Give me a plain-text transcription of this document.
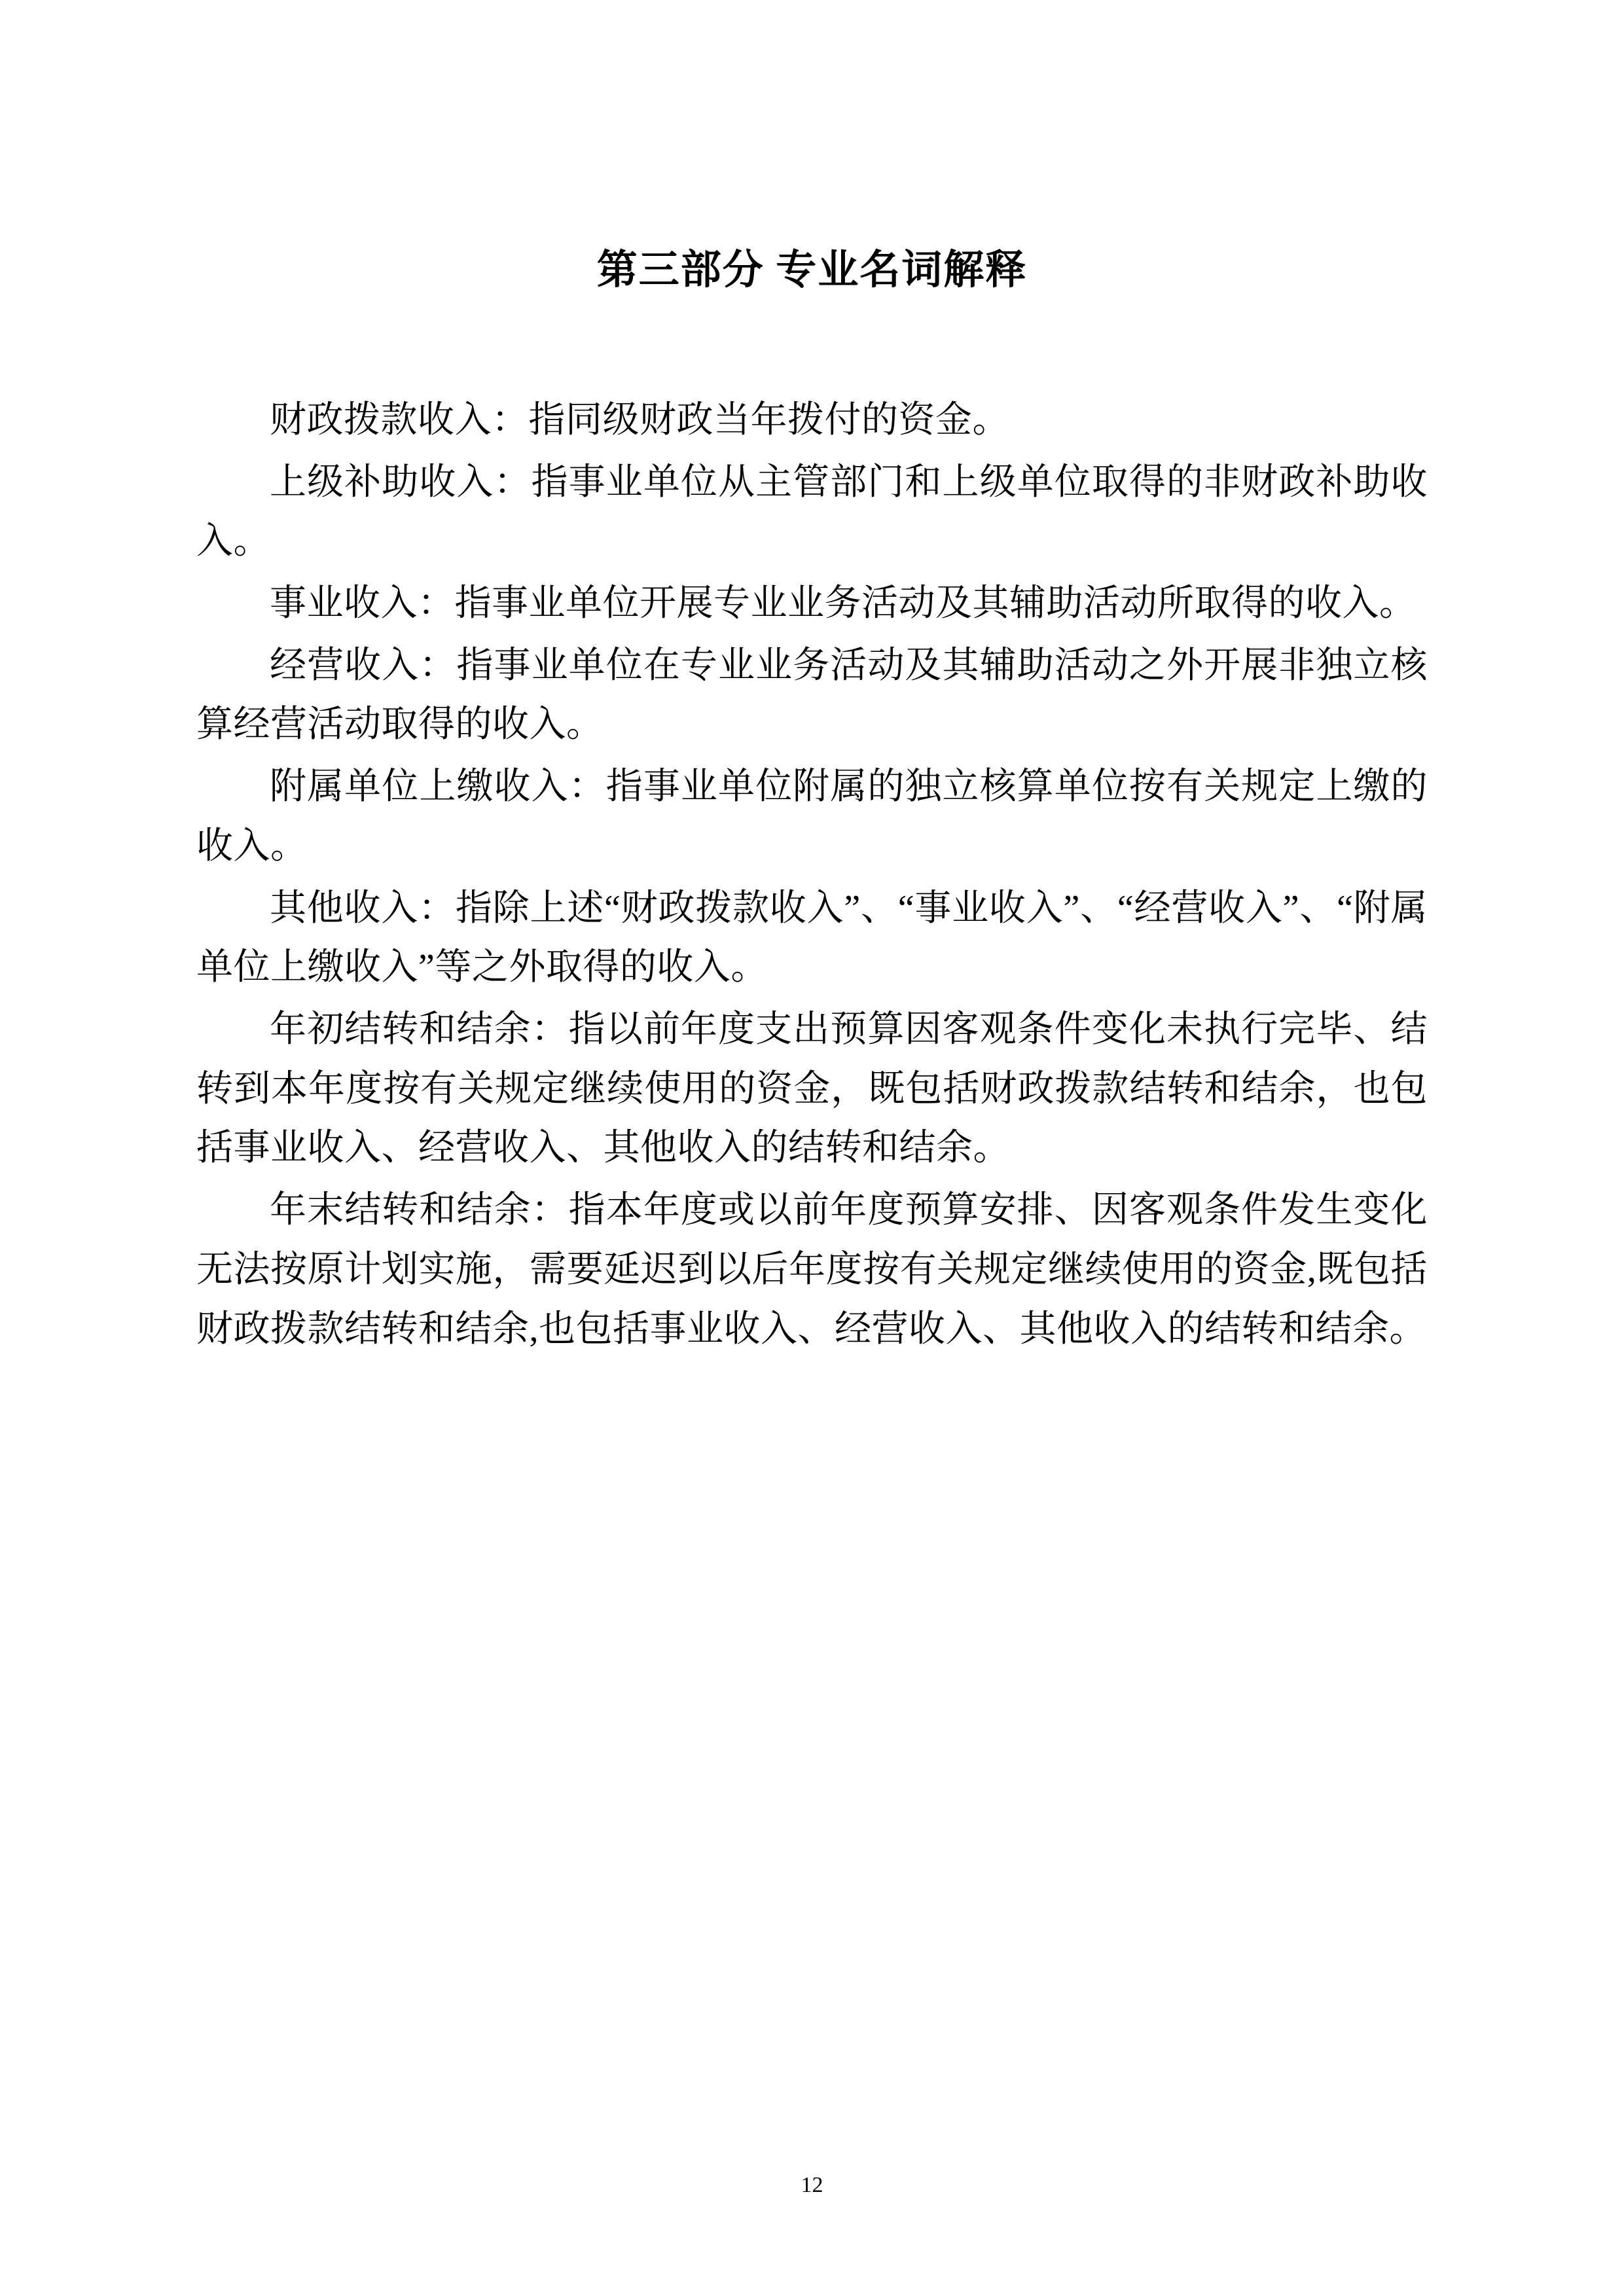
第三部分 专业名词解释

财政拨款收入：指同级财政当年拨付的资金。

上级补助收入：指事业单位从主管部门和上级单位取得的非财政补助收入。

事业收入：指事业单位开展专业业务活动及其辅助活动所取得的收入。

经营收入：指事业单位在专业业务活动及其辅助活动之外开展非独立核算经营活动取得的收入。

附属单位上缴收入：指事业单位附属的独立核算单位按有关规定上缴的收入。

其他收入：指除上述“财政拨款收入”、“事业收入”、“经营收入”、“附属单位上缴收入”等之外取得的收入。

年初结转和结余：指以前年度支出预算因客观条件变化未执行完毕、结转到本年度按有关规定继续使用的资金，既包括财政拨款结转和结余，也包括事业收入、经营收入、其他收入的结转和结余。

年末结转和结余：指本年度或以前年度预算安排、因客观条件发生变化无法按原计划实施，需要延迟到以后年度按有关规定继续使用的资金,既包括财政拨款结转和结余,也包括事业收入、经营收入、其他收入的结转和结余。

12
